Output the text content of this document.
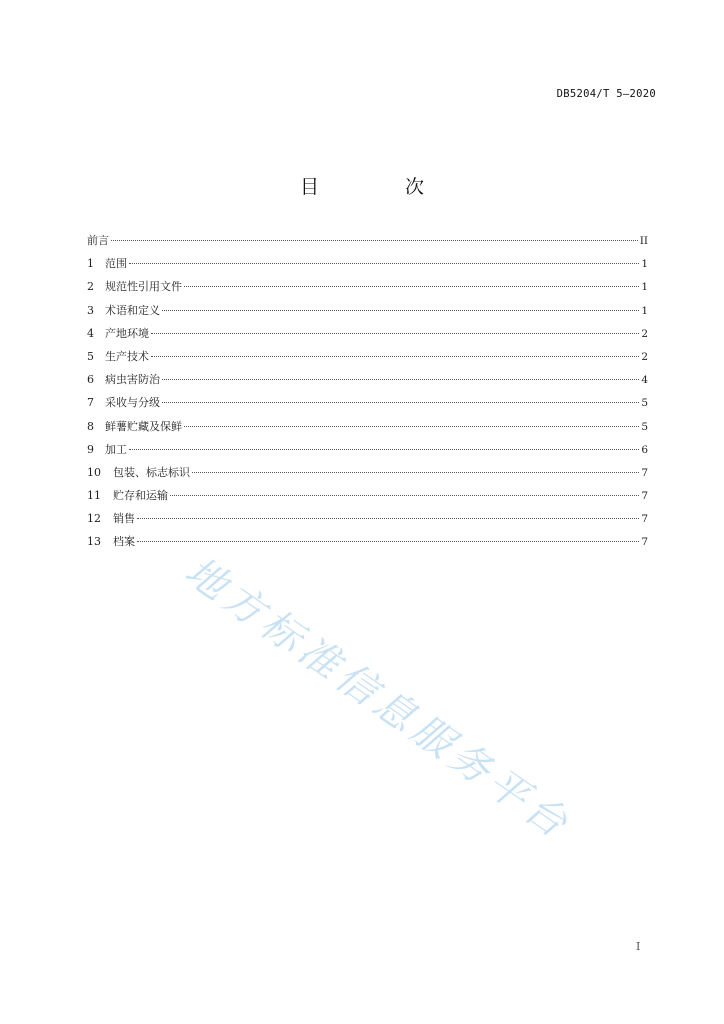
DB5204/T 5—2020
目 次
前言	II
1	范围	1
2	规范性引用文件	1
3	术语和定义	1
4	产地环境	2
5	生产技术	2
6	病虫害防治	4
7	采收与分级	5
8	鲜薯贮藏及保鲜	5
9	加工	6
10	包装、标志标识	7
11	贮存和运输	7
12	销售	7
13	档案	7
地方标准信息服务平台
I
